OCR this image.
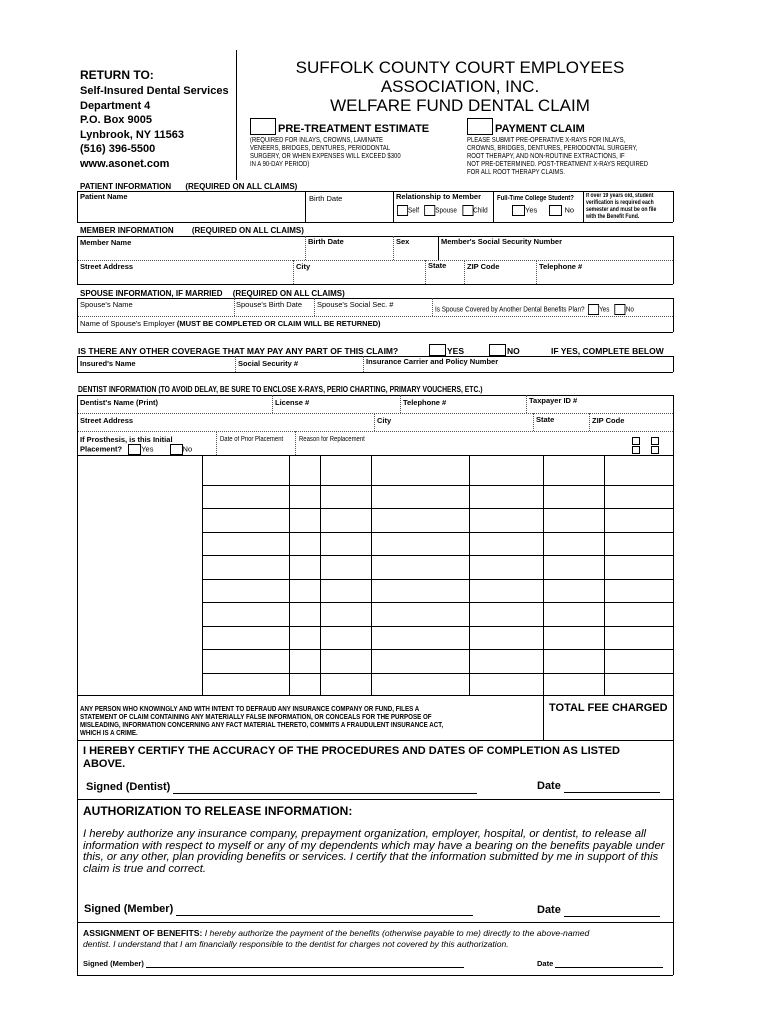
RETURN TO:
Self-Insured Dental Services
Department 4
P.O. Box 9005
Lynbrook, NY 11563
(516) 396-5500
www.asonet.com
SUFFOLK COUNTY COURT EMPLOYEES
ASSOCIATION, INC.
WELFARE FUND DENTAL CLAIM
PRE-TREATMENT ESTIMATE
(REQUIRED FOR INLAYS, CROWNS, LAMINATE
VENEERS, BRIDGES, DENTURES, PERIODONTAL
SURGERY, OR WHEN EXPENSES WILL EXCEED $300
IN A 90-DAY PERIOD)
PAYMENT CLAIM
PLEASE SUBMIT PRE-OPERATIVE X-RAYS FOR INLAYS,
CROWNS, BRIDGES, DENTURES, PERIODONTAL SURGERY,
ROOT THERAPY, AND NON-ROUTINE EXTRACTIONS, IF
NOT PRE-DETERMINED. POST-TREATMENT X-RAYS REQUIRED
FOR ALL ROOT THERAPY CLAIMS.
PATIENT INFORMATION (REQUIRED ON ALL CLAIMS)
Patient Name	Birth Date	Relationship to Member
Self Spouse Child
Full-Time College Student?
Yes	No
If over 19 years old, student
verification is required each
semester and must be on file
with the Benefit Fund.
MEMBER INFORMATION (REQUIRED ON ALL CLAIMS)
Member Name	Birth Date	Sex	Member's Social Security Number
Street Address	City	State	ZIP Code	Telephone #
SPOUSE INFORMATION, IF MARRIED (REQUIRED ON ALL CLAIMS)
Spouse's Name	Spouse's Birth Date Spouse's Social Sec. #	Is Spouse Covered by Another Dental Benefits Plan? Yes No
Name of Spouse's Employer (MUST BE COMPLETED OR CLAIM WILL BE RETURNED)
IS THERE ANY OTHER COVERAGE THAT MAY PAY ANY PART OF THIS CLAIM?	YES	NO	IF YES, COMPLETE BELOW
Insured's Name	Social Security #	Insurance Carrier and Policy Number
DENTIST INFORMATION (TO AVOID DELAY, BE SURE TO ENCLOSE X-RAYS, PERIO CHARTING, PRIMARY VOUCHERS, ETC.)
Dentist's Name (Print)	License #	Telephone #	Taxpayer ID #
Street Address	City	State	ZIP Code
If Prosthesis, is this Initial
Placement?	Yes	No
Date of Prior Placement Reason for Replacement
ANY PERSON WHO KNOWINGLY AND WITH INTENT TO DEFRAUD ANY INSURANCE COMPANY OR FUND, FILES A
STATEMENT OF CLAIM CONTAINING ANY MATERIALLY FALSE INFORMATION, OR CONCEALS FOR THE PURPOSE OF
MISLEADING, INFORMATION CONCERNING ANY FACT MATERIAL THERETO, COMMITS A FRAUDULENT INSURANCE ACT,
WHICH IS A CRIME.
TOTAL FEE CHARGED
I HEREBY CERTIFY THE ACCURACY OF THE PROCEDURES AND DATES OF COMPLETION AS LISTED
ABOVE.
Signed (Dentist)	Date
AUTHORIZATION TO RELEASE INFORMATION:
I hereby authorize any insurance company, prepayment organization, employer, hospital, or dentist, to release all
information with respect to myself or any of my dependents which may have a bearing on the benefits payable under
this, or any other, plan providing benefits or services. I certify that the information submitted by me in support of this
claim is true and correct.
Signed (Member)	Date
ASSIGNMENT OF BENEFITS: I hereby authorize the payment of the benefits (otherwise payable to me) directly to the above-named
dentist. I understand that I am financially responsible to the dentist for charges not covered by this authorization.
Signed (Member)	Date
